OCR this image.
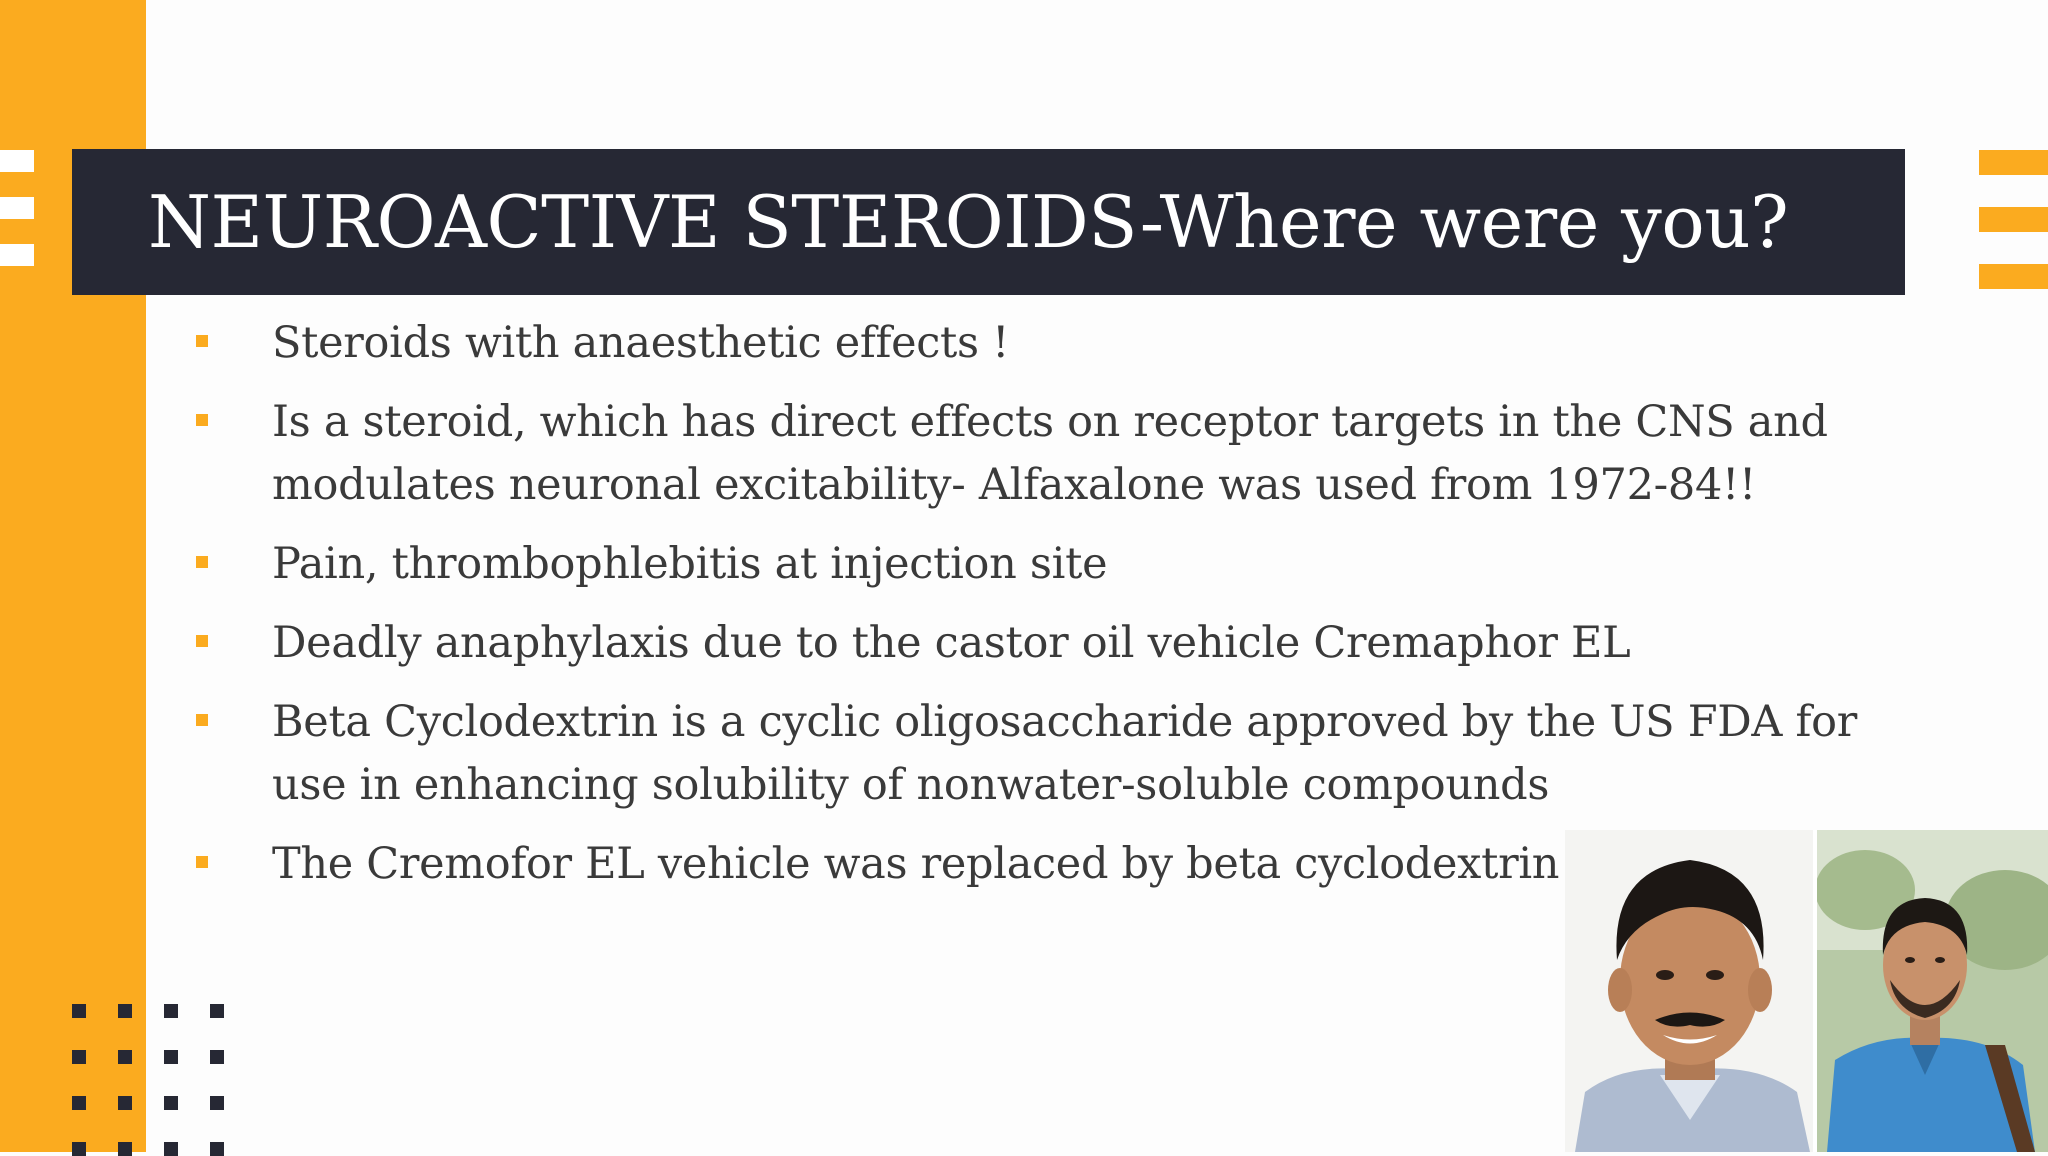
NEUROACTIVE STEROIDS-Where were you?
Steroids with anaesthetic effects !
Is a steroid, which has direct effects on receptor targets in the CNS and modulates neuronal excitability- Alfaxalone was used from 1972-84!!
Pain, thrombophlebitis at injection site
Deadly anaphylaxis due to the castor oil vehicle Cremaphor EL
Beta Cyclodextrin is a cyclic oligosaccharide approved by the US FDA for use in enhancing solubility of nonwater-soluble compounds
The Cremofor EL vehicle was replaced by beta cyclodextrin
